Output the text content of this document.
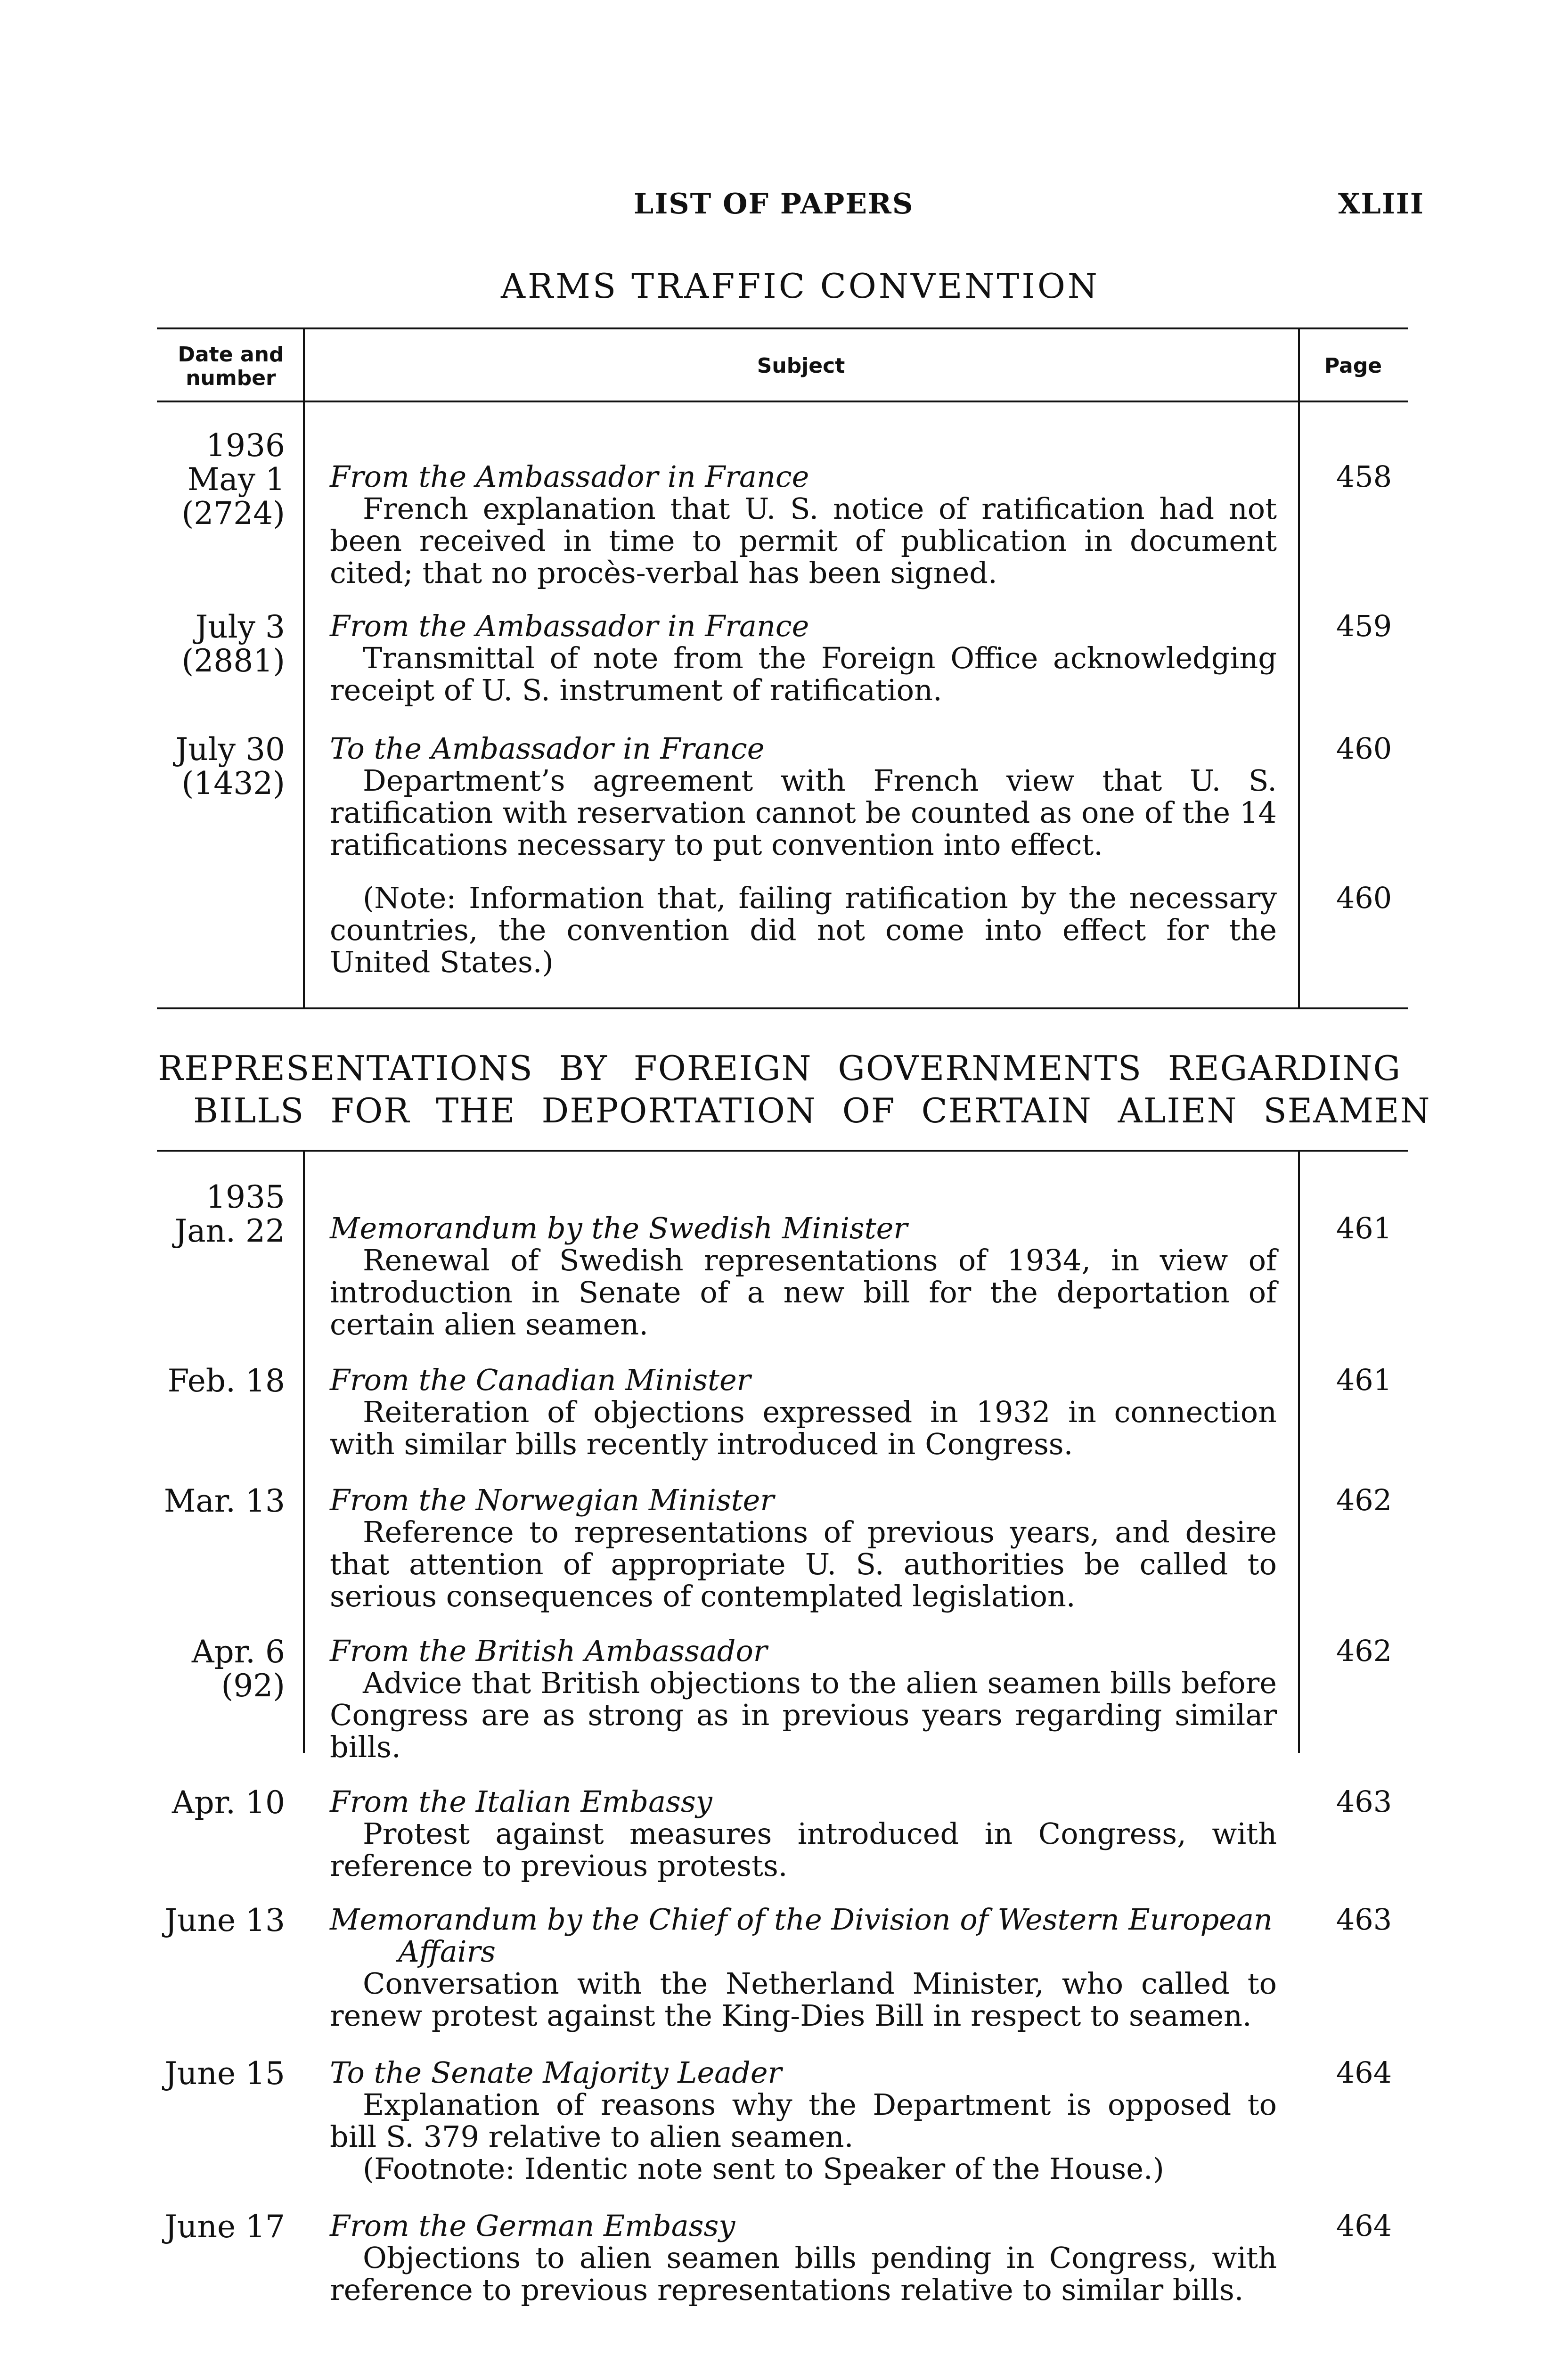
LIST OF PAPERS	XLIII
ARMS TRAFFIC CONVENTION
Date and number
Subject	Page
1936
May 1
(2724)
From the Ambassador in France
French explanation that U. S. notice of ratification had not been received in time to permit of publication in document cited; that no procès-verbal has been signed.
458
July 3
(2881)
From the Ambassador in France
Transmittal of note from the Foreign Office acknowledging receipt of U. S. instrument of ratification.
459
July 30
(1432)
To the Ambassador in France
Department’s agreement with French view that U. S. ratification with reservation cannot be counted as one of the 14 ratifications necessary to put convention into effect.
460
(Note: Information that, failing ratification by the necessary countries, the convention did not come into effect for the United States.)
460
REPRESENTATIONS BY FOREIGN GOVERNMENTS REGARDING
BILLS FOR THE DEPORTATION OF CERTAIN ALIEN SEAMEN
1935
Jan. 22 Memorandum by the Swedish Minister
Renewal of Swedish representations of 1934, in view of introduction in Senate of a new bill for the deportation of certain alien seamen.
461
Feb. 18 From the Canadian Minister
Reiteration of objections expressed in 1932 in connection with similar bills recently introduced in Congress.
461
Mar. 13 From the Norwegian Minister
Reference to representations of previous years, and desire that attention of appropriate U. S. authorities be called to serious consequences of contemplated legislation.
462
Apr. 6
(92)
From the British Ambassador
Advice that British objections to the alien seamen bills before Congress are as strong as in previous years regarding similar bills.
462
Apr. 10 From the Italian Embassy
Protest against measures introduced in Congress, with reference to previous protests.
463
June 13 Memorandum by the Chief of the Division of Western European Affairs
Conversation with the Netherland Minister, who called to renew protest against the King-Dies Bill in respect to seamen.
463
June 15 To the Senate Majority Leader
Explanation of reasons why the Department is opposed to bill S. 379 relative to alien seamen.
(Footnote: Identic note sent to Speaker of the House.)
464
June 17 From the German Embassy
Objections to alien seamen bills pending in Congress, with reference to previous representations relative to similar bills.
464
